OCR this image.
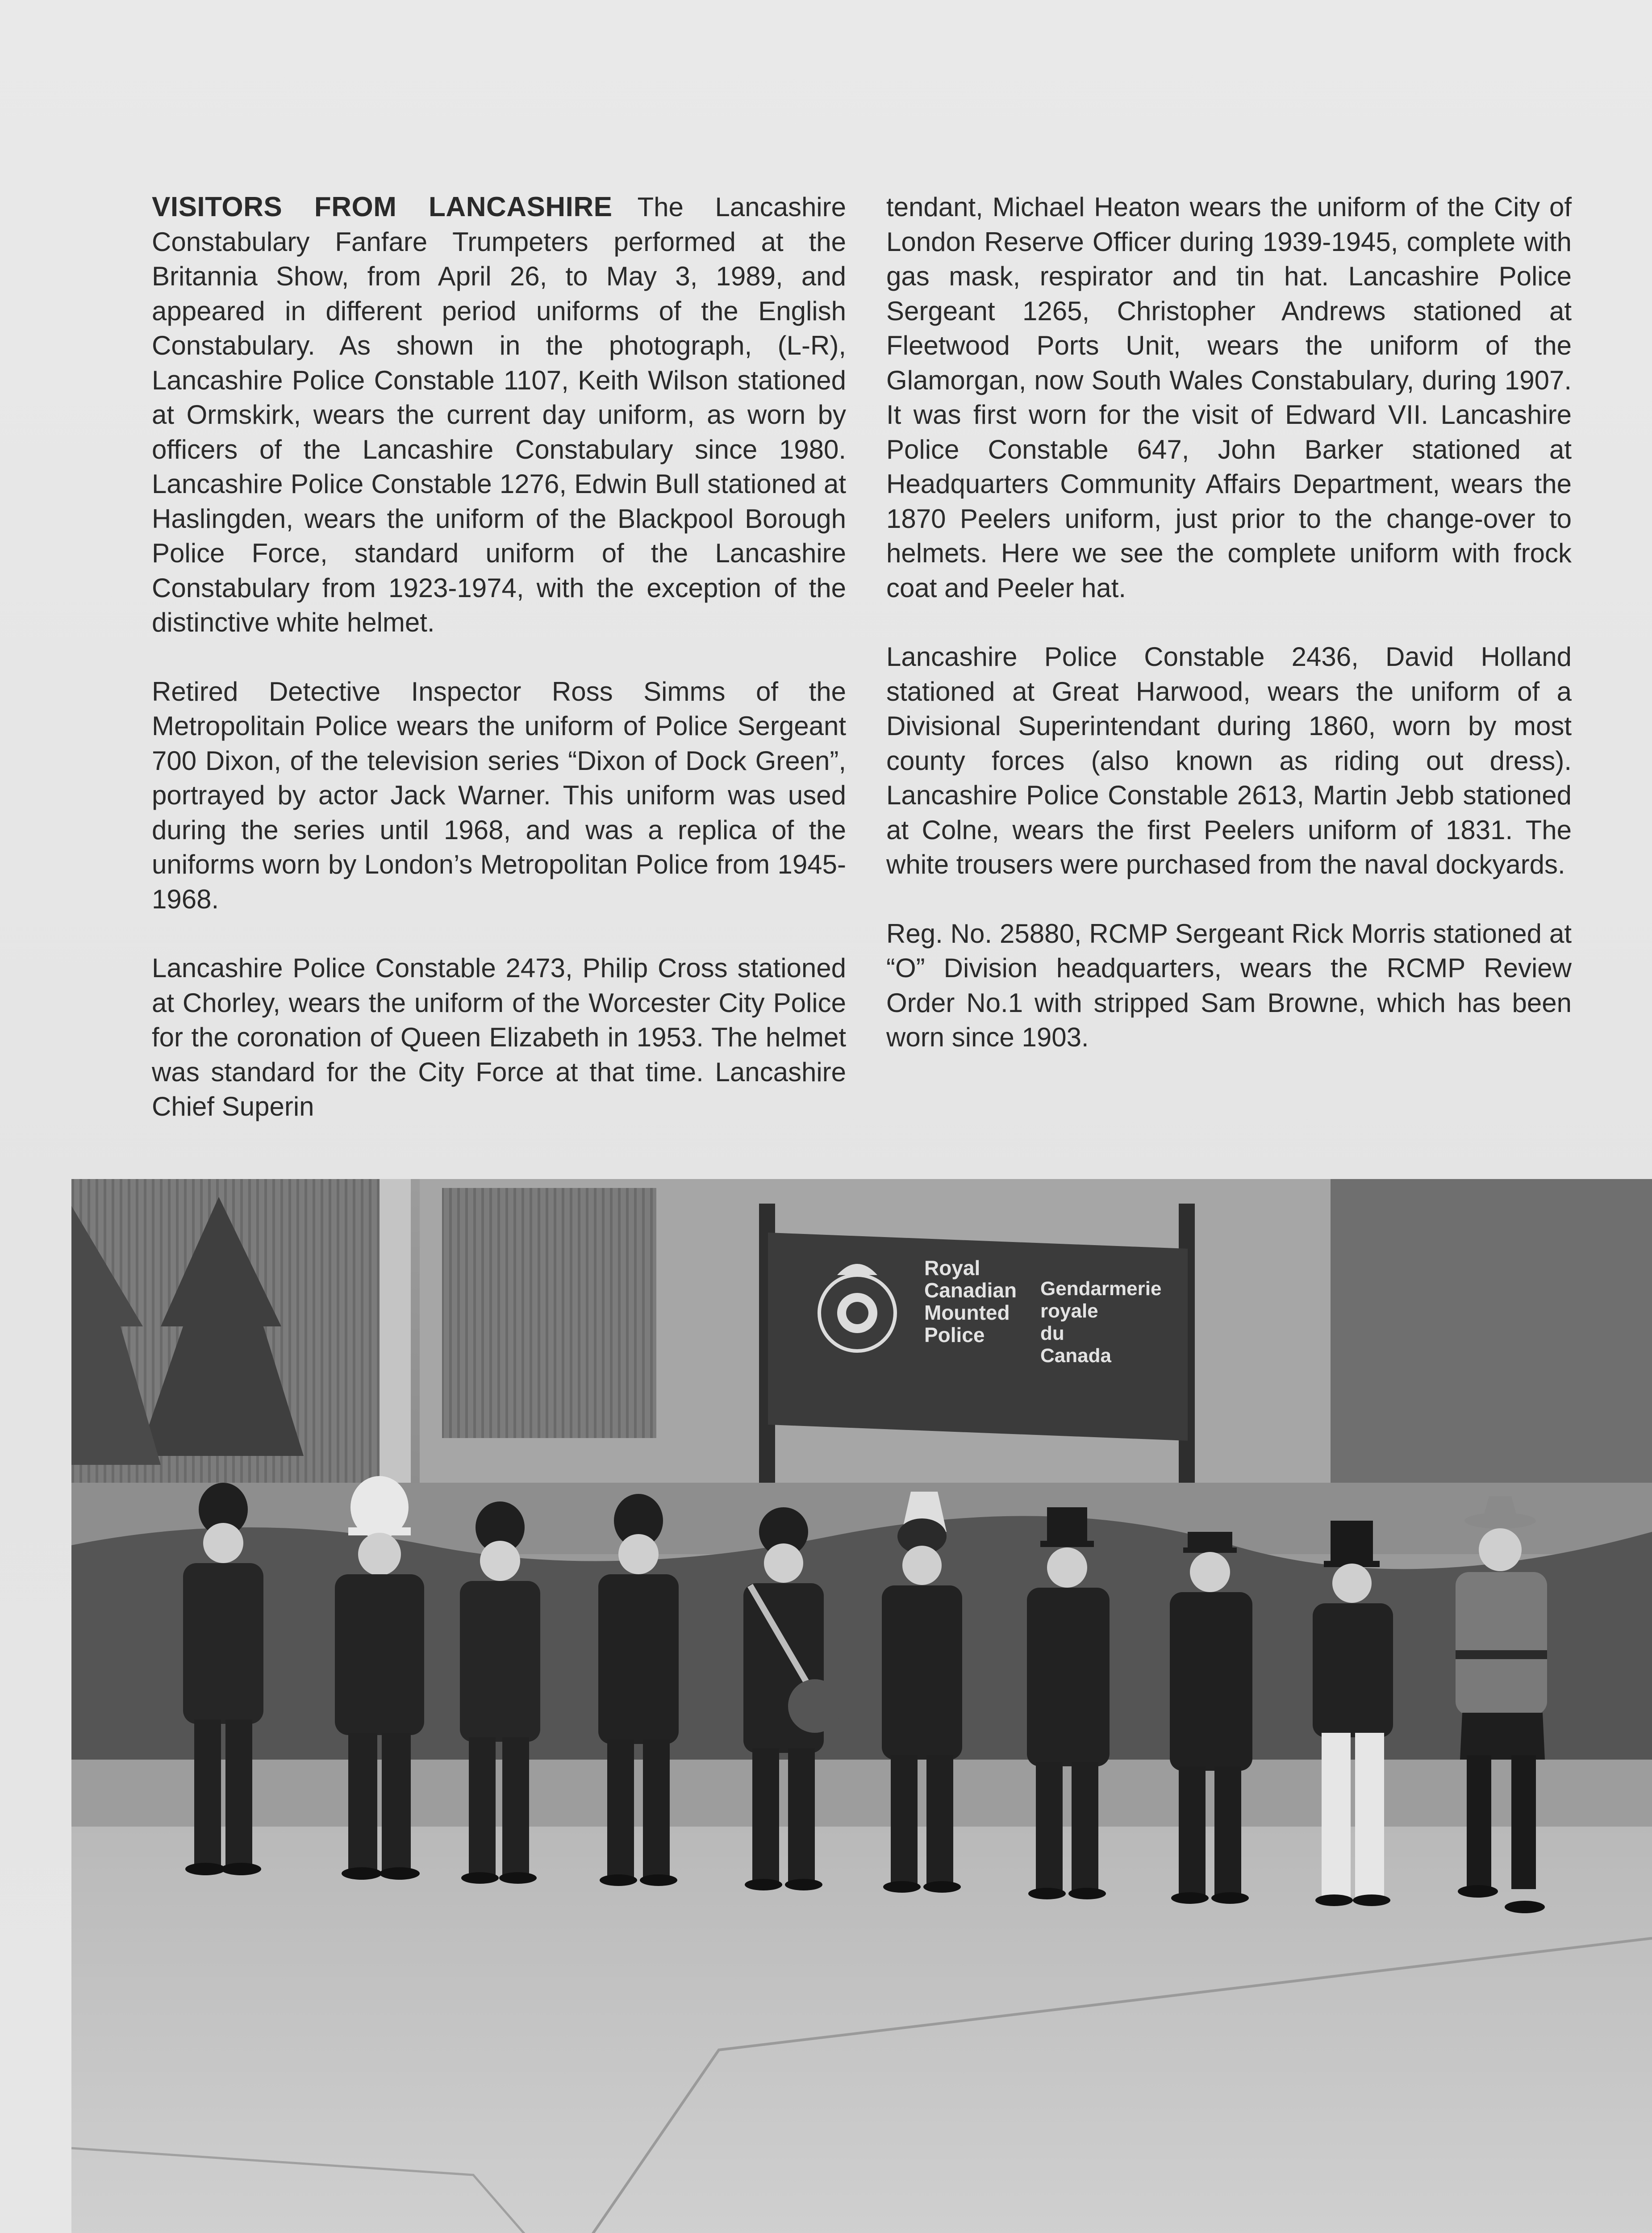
VISITORS FROM LANCASHIRE The Lancashire Constabulary Fanfare Trumpeters performed at the Britannia Show, from April 26, to May 3, 1989, and appeared in different period uniforms of the English Constabulary. As shown in the photograph, (L-R), Lancashire Police Constable 1107, Keith Wilson stationed at Ormskirk, wears the current day uniform, as worn by officers of the Lancashire Constabulary since 1980. Lancashire Police Constable 1276, Edwin Bull stationed at Haslingden, wears the uniform of the Blackpool Borough Police Force, standard uniform of the Lancashire Constabulary from 1923-1974, with the exception of the distinctive white helmet.

Retired Detective Inspector Ross Simms of the Metropolitain Police wears the uniform of Police Sergeant 700 Dixon, of the television series “Dixon of Dock Green”, portrayed by actor Jack Warner. This uniform was used during the series until 1968, and was a replica of the uniforms worn by London’s Metropolitan Police from 1945-1968.

Lancashire Police Constable 2473, Philip Cross stationed at Chorley, wears the uniform of the Worcester City Police for the coronation of Queen Elizabeth in 1953. The helmet was standard for the City Force at that time. Lancashire Chief Superin

tendant, Michael Heaton wears the uniform of the City of London Reserve Officer during 1939-1945, complete with gas mask, respirator and tin hat. Lancashire Police Sergeant 1265, Christopher Andrews stationed at Fleetwood Ports Unit, wears the uniform of the Glamorgan, now South Wales Constabulary, during 1907. It was first worn for the visit of Edward VII. Lancashire Police Constable 647, John Barker stationed at Headquarters Community Affairs Department, wears the 1870 Peelers uniform, just prior to the change-over to helmets. Here we see the complete uniform with frock coat and Peeler hat.

Lancashire Police Constable 2436, David Holland stationed at Great Harwood, wears the uniform of a Divisional Superintendant during 1860, worn by most county forces (also known as riding out dress). Lancashire Police Constable 2613, Martin Jebb stationed at Colne, wears the first Peelers uniform of 1831. The white trousers were purchased from the naval dockyards.

Reg. No. 25880, RCMP Sergeant Rick Morris stationed at “O” Division headquarters, wears the RCMP Review Order No.1 with stripped Sam Browne, which has been worn since 1903.

Royal
Canadian
Mounted
Police
Gendarmerie
royale
du
Canada
